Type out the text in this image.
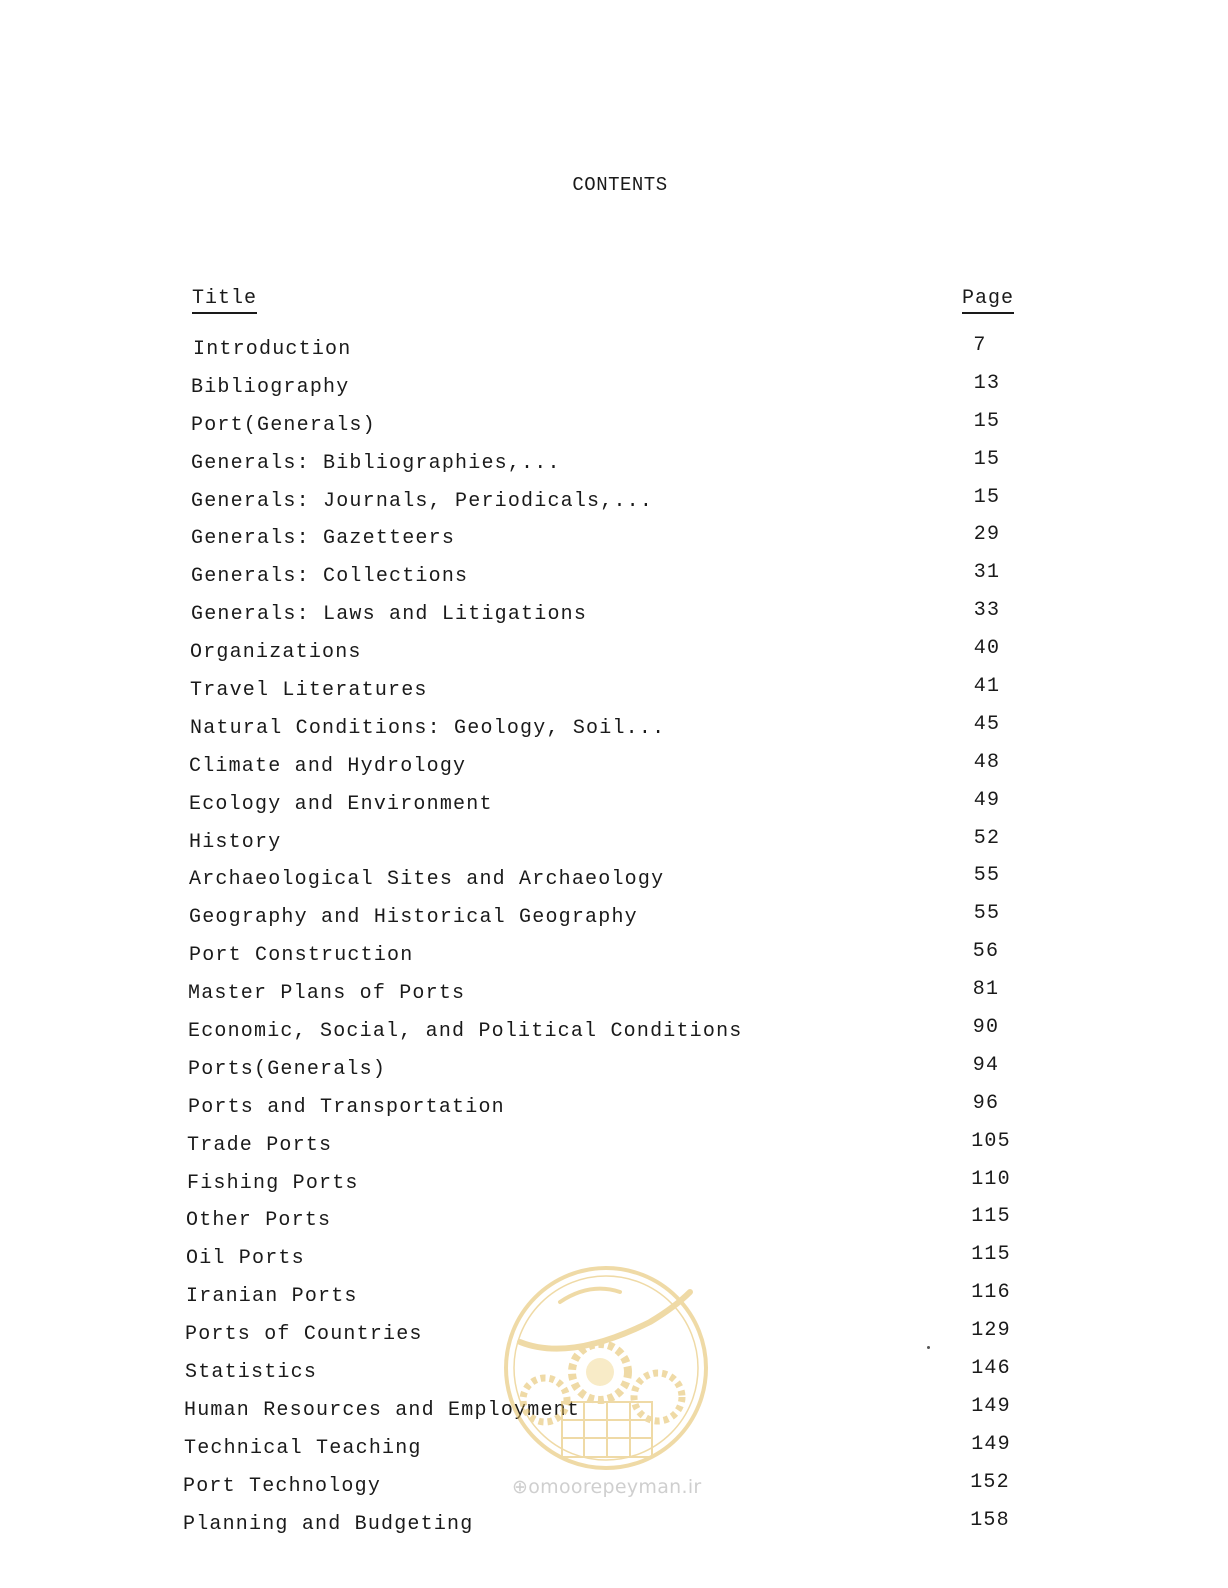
CONTENTS
Title	Page
Introduction	7
Bibliography	13
Port(Generals)	15
Generals: Bibliographies,...	15
Generals: Journals, Periodicals,...	15
Generals: Gazetteers	29
Generals: Collections	31
Generals: Laws and Litigations	33
Organizations	40
Travel Literatures	41
Natural Conditions: Geology, Soil...	45
Climate and Hydrology	48
Ecology and Environment	49
History	52
Archaeological Sites and Archaeology	55
Geography and Historical Geography	55
Port Construction	56
Master Plans of Ports	81
Economic, Social, and Political Conditions	90
Ports(Generals)	94
Ports and Transportation	96
Trade Ports	105
Fishing Ports	110
Other Ports	115
Oil Ports	115
Iranian Ports	116
Ports of Countries	129
Statistics	146
Human Resources and Employment	149
Technical Teaching	149
Port Technology	152
Planning and Budgeting	158
⊕omoorepeyman.ir
